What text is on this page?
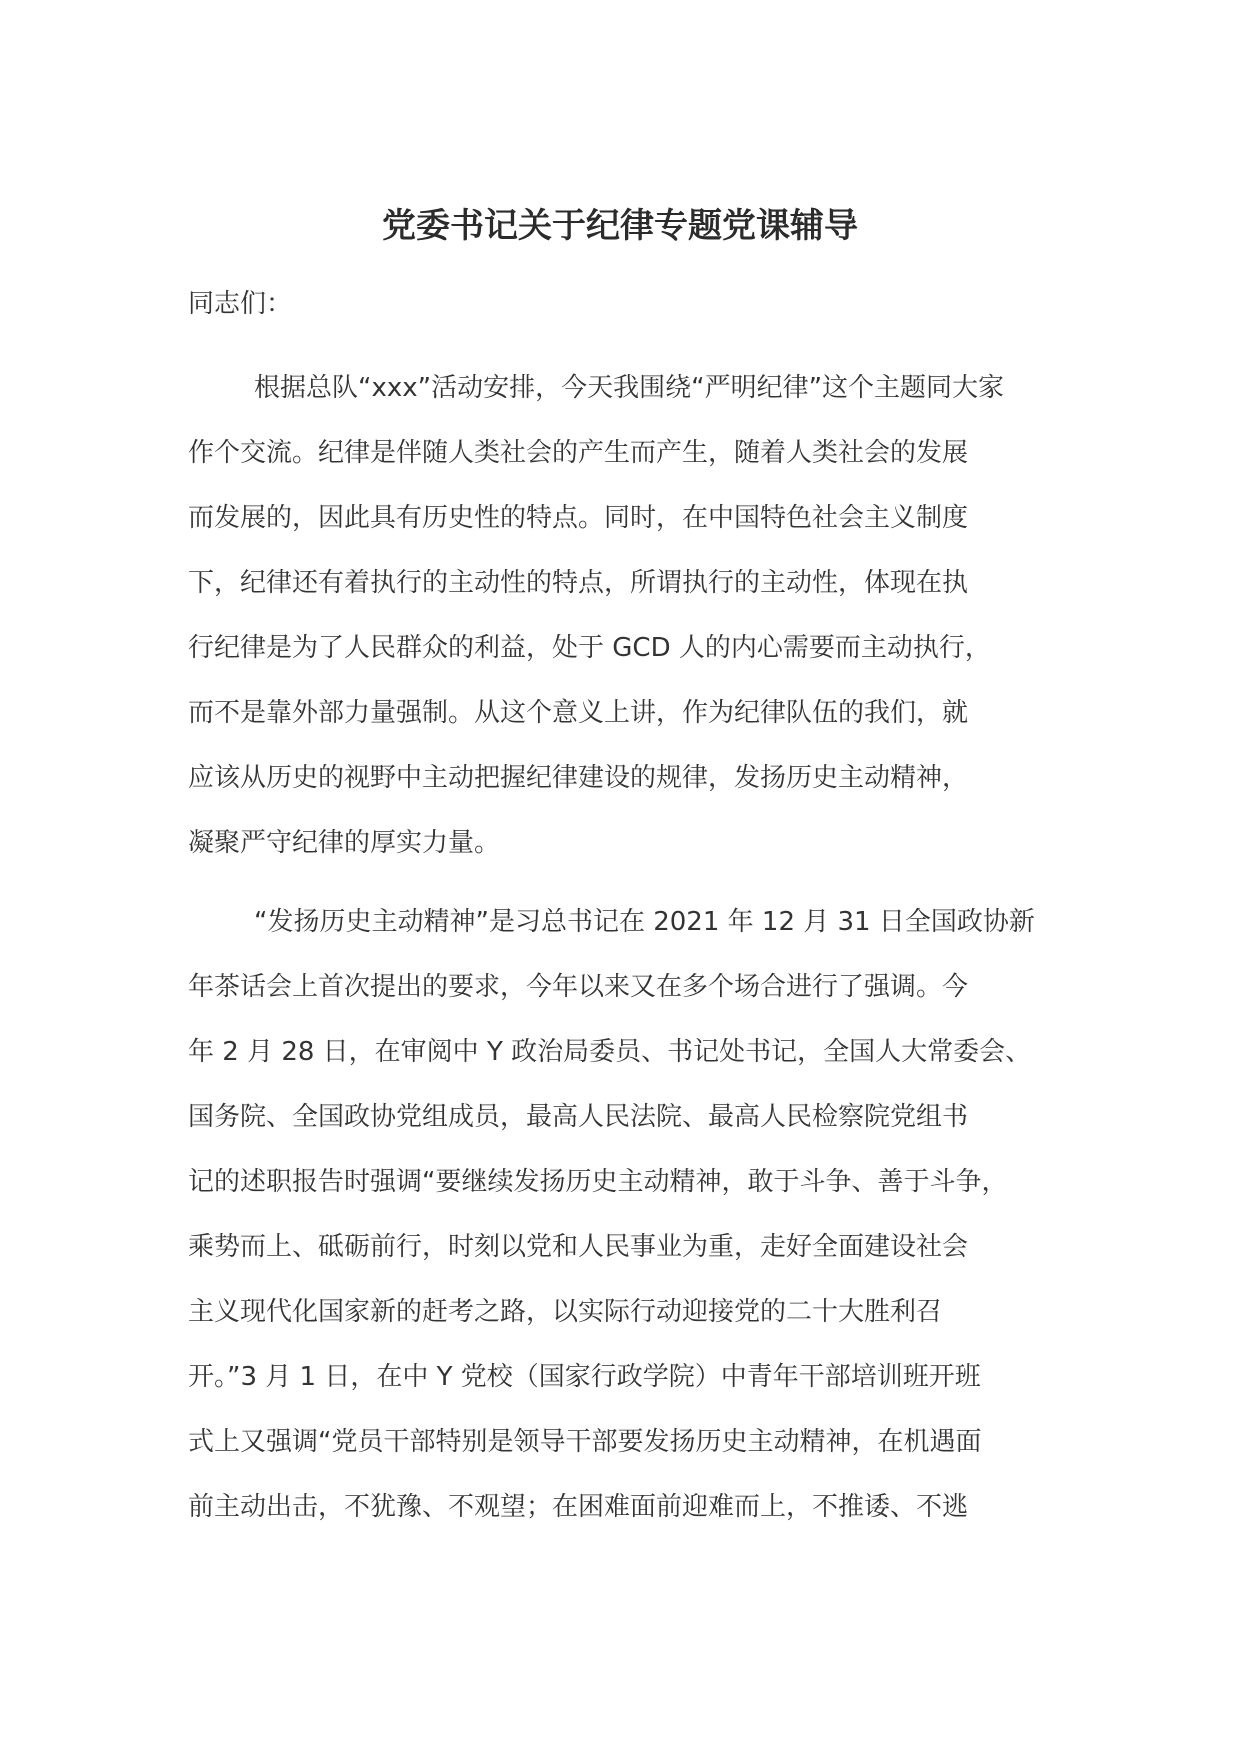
党委书记关于纪律专题党课辅导

同志们：

根据总队“xxx”活动安排，今天我围绕“严明纪律”这个主题同大家
作个交流。纪律是伴随人类社会的产生而产生，随着人类社会的发展
而发展的，因此具有历史性的特点。同时，在中国特色社会主义制度
下，纪律还有着执行的主动性的特点，所谓执行的主动性，体现在执
行纪律是为了人民群众的利益，处于 GCD 人的内心需要而主动执行，
而不是靠外部力量强制。从这个意义上讲，作为纪律队伍的我们，就
应该从历史的视野中主动把握纪律建设的规律，发扬历史主动精神，
凝聚严守纪律的厚实力量。
“发扬历史主动精神”是习总书记在 2021 年 12 月 31 日全国政协新
年茶话会上首次提出的要求，今年以来又在多个场合进行了强调。今
年 2 月 28 日，在审阅中 Y 政治局委员、书记处书记，全国人大常委会、
国务院、全国政协党组成员，最高人民法院、最高人民检察院党组书
记的述职报告时强调“要继续发扬历史主动精神，敢于斗争、善于斗争，
乘势而上、砥砺前行，时刻以党和人民事业为重，走好全面建设社会
主义现代化国家新的赶考之路，以实际行动迎接党的二十大胜利召
开。”3 月 1 日，在中 Y 党校（国家行政学院）中青年干部培训班开班
式上又强调“党员干部特别是领导干部要发扬历史主动精神，在机遇面
前主动出击，不犹豫、不观望；在困难面前迎难而上，不推诿、不逃
